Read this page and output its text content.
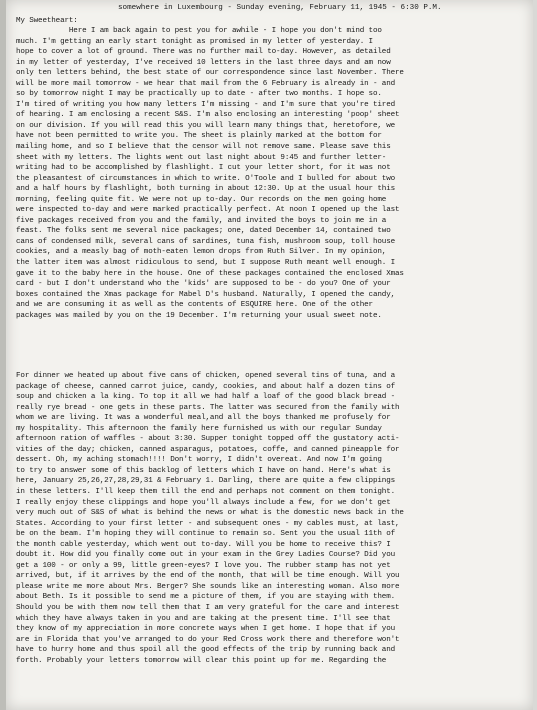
somewhere in Luxembourg - Sunday evening, February 11, 1945 - 6:30 P.M.
My Sweetheart:
Here I am back again to pest you for awhile - I hope you don't mind too
much. I'm getting an early start tonight as promised in my letter of yesterday. I
hope to cover a lot of ground. There was no further mail to-day. However, as detailed
in my letter of yesterday, I've received 10 letters in the last three days and am now
only ten letters behind, the best state of our correspondence since last November. There
will be more mail tomorrow - we hear that mail from the 6 February is already in - and
so by tomorrow night I may be practically up to date - after two months. I hope so.
I'm tired of writing you how many letters I'm missing - and I'm sure that you're tired
of hearing. I am enclosing a recent S&S. I'm also enclosing an interesting 'poop' sheet
on our division. If you will read this you will learn many things that, heretofore, we
have not been permitted to write you. The sheet is plainly marked at the bottom for
mailing home, and so I believe that the censor will not remove same. Please save this
sheet with my letters. The lights went out last night about 9:45 and further letter-
writing had to be accomplished by flashlight. I cut your letter short, for it was not
the pleasantest of circumstances in which to write. O'Toole and I bulled for about two
and a half hours by flashlight, both turning in about 12:30. Up at the usual hour this
morning, feeling quite fit. We were not up to-day. Our records on the men going home
were inspected to-day and were marked practically perfect. At noon I opened up the last
five packages received from you and the family, and invited the boys to join me in a
feast. The folks sent me several nice packages; one, dated December 14, contained two
cans of condensed milk, several cans of sardines, tuna fish, mushroom soup, toll house
cookies, and a measly bag of moth-eaten lemon drops from Ruth Silver. In my opinion,
the latter item was almost ridiculous to send, but I suppose Ruth meant well enough. I
gave it to the baby here in the house. One of these packages contained the enclosed Xmas
card - but I don't understand who the 'kids' are supposed to be - do you? One of your
boxes contained the Xmas package for Mabel D's husband. Naturally, I opened the candy,
and we are consuming it as well as the contents of ESQUIRE here. One of the other
packages was mailed by you on the 19 December. I'm returning your usual sweet note.
For dinner we heated up about five cans of chicken, opened several tins of tuna, and a
package of cheese, canned carrot juice, candy, cookies, and about half a dozen tins of
soup and chicken a la king. To top it all we had half a loaf of the good black bread -
really rye bread - one gets in these parts. The latter was secured from the family with
whom we are living. It was a wonderful meal,and all the boys thanked me profusely for
my hospitality. This afternoon the family here furnished us with our regular Sunday
afternoon ration of waffles - about 3:30. Supper tonight topped off the gustatory acti-
vities of the day; chicken, canned asparagus, potatoes, coffe, and canned pineapple for
dessert. Oh, my aching stomach!!!! Don't worry, I didn't overeat. And now I'm going
to try to answer some of this backlog of letters which I have on hand. Here's what is
here, January 25,26,27,28,29,31 & February 1. Darling, there are quite a few clippings
in these letters. I'll keep them till the end and perhaps not comment on them tonight.
I really enjoy these clippings and hope you'll always include a few, for we don't get
very much out of S&S of what is behind the news or what is the domestic news back in the
States. According to your first letter - and subsequent ones - my cables must, at last,
be on the beam. I'm hoping they will continue to remain so. Sent you the usual 11th of
the month cable yesterday, which went out to-day. Will you be home to receive this? I
doubt it. How did you finally come out in your exam in the Grey Ladies Course? Did you
get a 100 - or only a 99, little green-eyes? I love you. The rubber stamp has not yet
arrived, but, if it arrives by the end of the month, that will be time enough. Will you
please write me more about Mrs. Berger? She sounds like an interesting woman. Also more
about Beth. Is it possible to send me a picture of them, if you are staying with them.
Should you be with them now tell them that I am very grateful for the care and interest
which they have always taken in you and are taking at the present time. I'll see that
they know of my appreciation in more concrete ways when I get home. I hope that if you
are in Florida that you've arranged to do your Red Cross work there and therefore won't
have to hurry home and thus spoil all the good effects of the trip by running back and
forth. Probably your letters tomorrow will clear this point up for me. Regarding the
